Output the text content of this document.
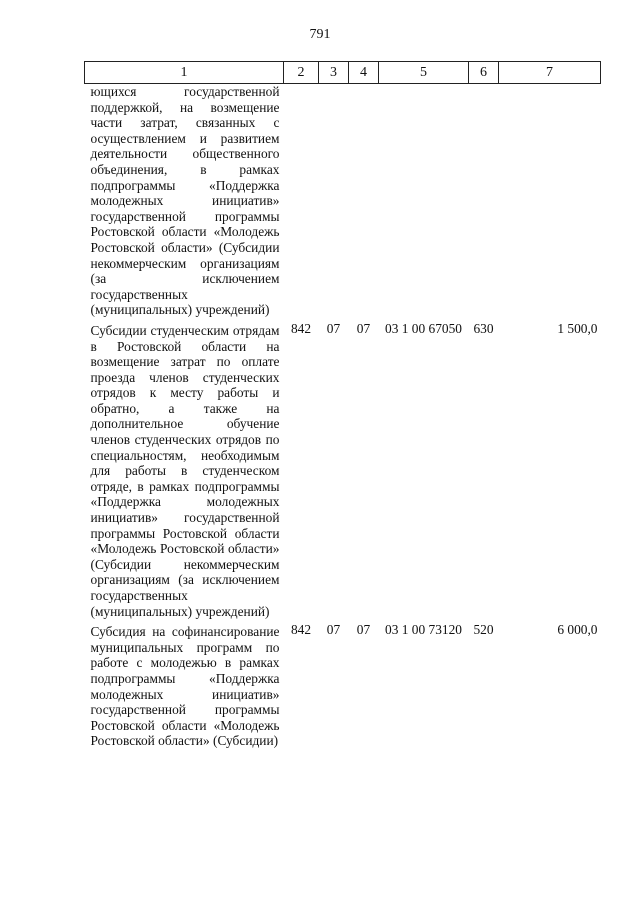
791
1	2	3	4	5	6	7
ющихся государственной поддержкой, на возмещение части затрат, связанных с осуществлением и развитием деятельности общественного объединения, в рамках подпрограммы «Поддержка молодежных инициатив» государственной программы Ростовской области «Молодежь Ростовской области» (Субсидии некоммерческим организациям (за исключением государственных (муниципальных) учреждений)						
Субсидии студенческим отрядам в Ростовской области на возмещение затрат по оплате проезда членов студенческих отрядов к месту работы и обратно, а также на дополнительное обучение членов студенческих отрядов по специальностям, необходимым для работы в студенческом отряде, в рамках подпрограммы «Поддержка молодежных инициатив» государственной программы Ростовской области «Молодежь Ростовской области» (Субсидии некоммерческим организациям (за исключением государственных (муниципальных) учреждений)	842	07	07	03 1 00 67050	630	1 500,0
Субсидия на софинансирование муниципальных программ по работе с молодежью в рамках подпрограммы «Поддержка молодежных инициатив» государственной программы Ростовской области «Молодежь Ростовской области» (Субсидии)	842	07	07	03 1 00 73120	520	6 000,0
